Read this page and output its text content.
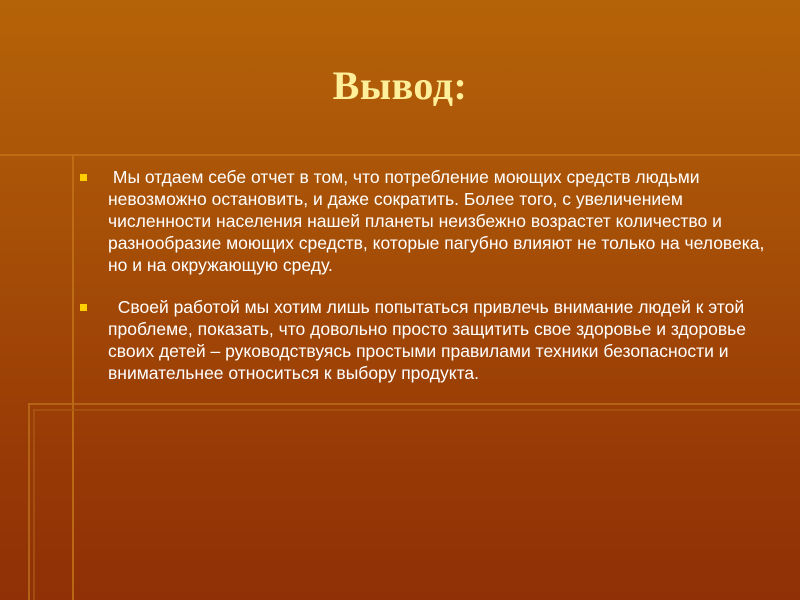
Вывод:
Мы отдаем себе отчет в том, что потребление моющих средств людьми невозможно остановить, и даже сократить. Более того, с увеличением численности населения нашей планеты неизбежно возрастет количество и разнообразие моющих средств, которые пагубно влияют не только на человека, но и на окружающую среду.
Своей работой мы хотим лишь попытаться привлечь внимание людей к этой проблеме, показать, что довольно просто защитить свое здоровье и здоровье своих детей – руководствуясь простыми правилами техники безопасности и внимательнее относиться к выбору продукта.
